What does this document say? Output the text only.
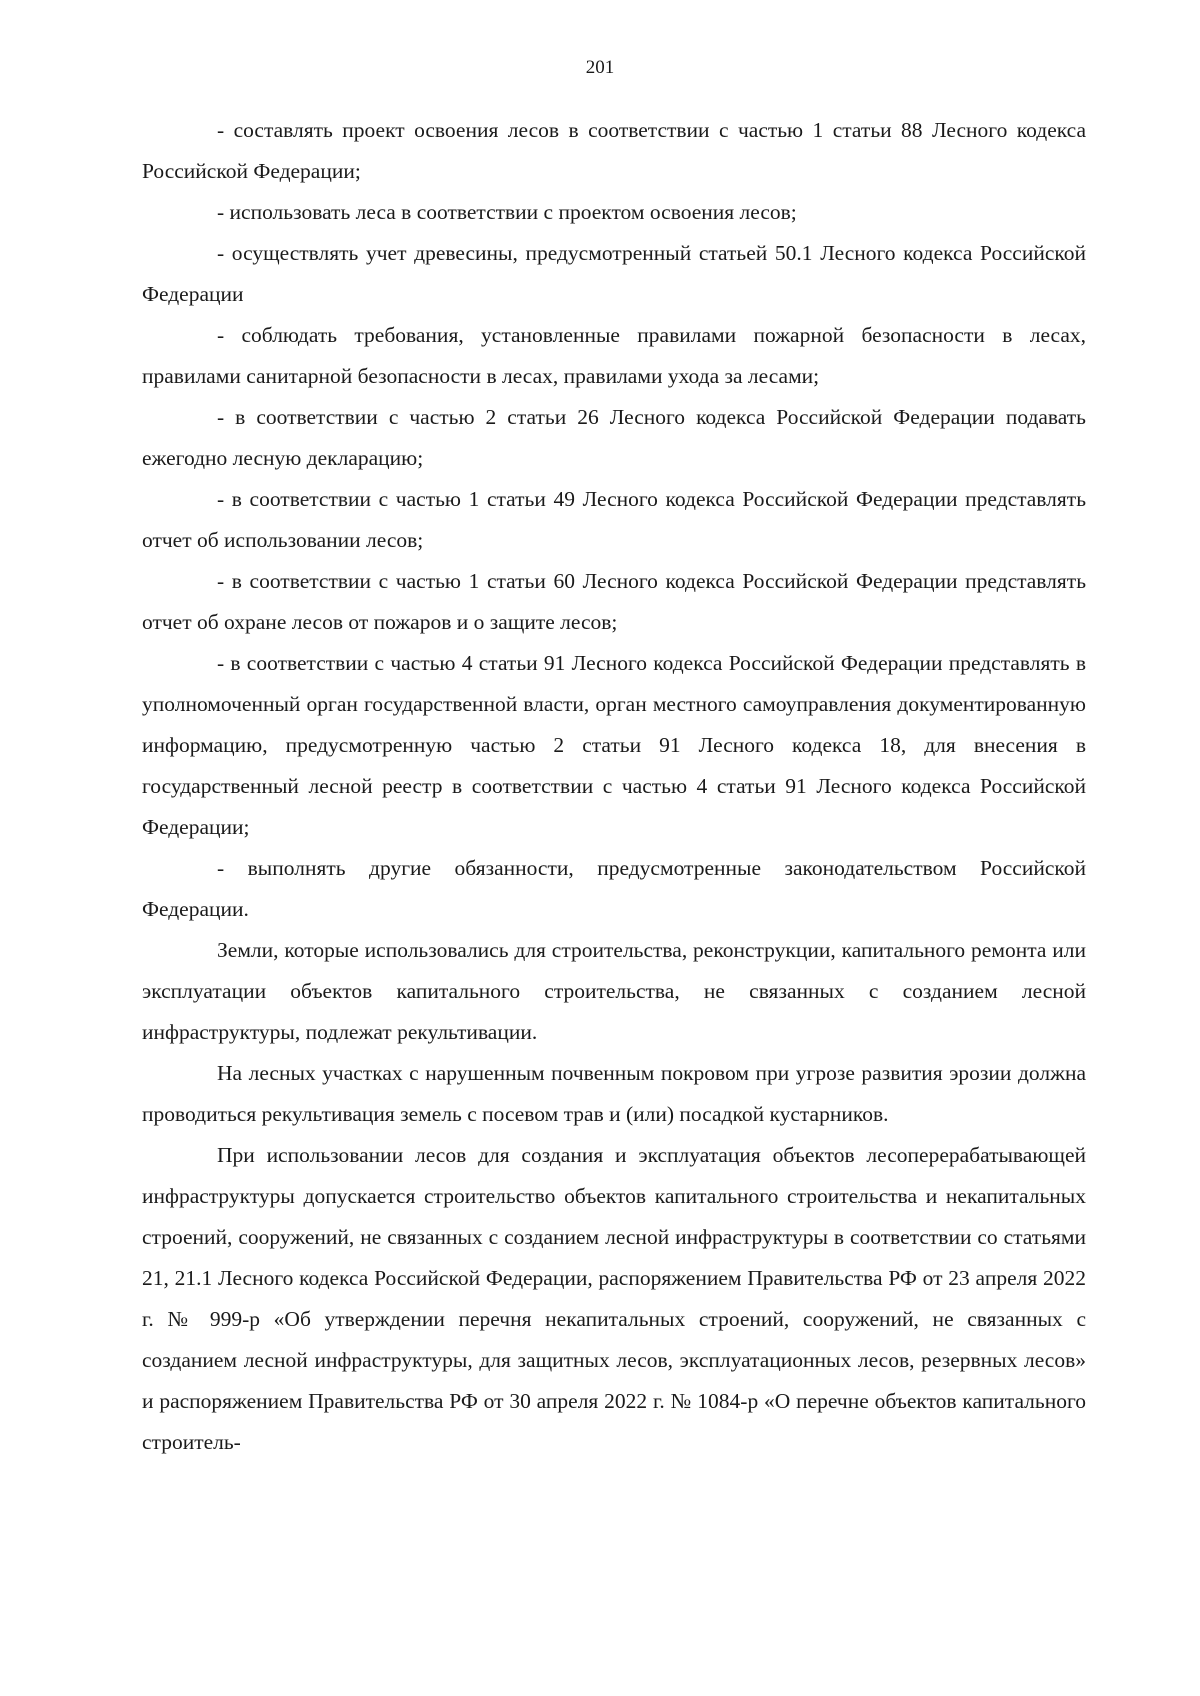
201

- составлять проект освоения лесов в соответствии с частью 1 статьи 88 Лесного кодекса Российской Федерации;

- использовать леса в соответствии с проектом освоения лесов;

- осуществлять учет древесины, предусмотренный статьей 50.1 Лесного кодекса Российской Федерации

- соблюдать требования, установленные правилами пожарной безопасности в лесах, правилами санитарной безопасности в лесах, правилами ухода за лесами;

- в соответствии с частью 2 статьи 26 Лесного кодекса Российской Федерации подавать ежегодно лесную декларацию;

- в соответствии с частью 1 статьи 49 Лесного кодекса Российской Федерации представлять отчет об использовании лесов;

- в соответствии с частью 1 статьи 60 Лесного кодекса Российской Федерации представлять отчет об охране лесов от пожаров и о защите лесов;

- в соответствии с частью 4 статьи 91 Лесного кодекса Российской Федерации представлять в уполномоченный орган государственной власти, орган местного самоуправления документированную информацию, предусмотренную частью 2 статьи 91 Лесного кодекса 18, для внесения в государственный лесной реестр в соответствии с частью 4 статьи 91 Лесного кодекса Российской Федерации;

- выполнять другие обязанности, предусмотренные законодательством Российской Федерации.

Земли, которые использовались для строительства, реконструкции, капитального ремонта или эксплуатации объектов капитального строительства, не связанных с созданием лесной инфраструктуры, подлежат рекультивации.

На лесных участках с нарушенным почвенным покровом при угрозе развития эрозии должна проводиться рекультивация земель с посевом трав и (или) посадкой кустарников.

При использовании лесов для создания и эксплуатация объектов лесоперерабатывающей инфраструктуры допускается строительство объектов капитального строительства и некапитальных строений, сооружений, не связанных с созданием лесной инфраструктуры в соответствии со статьями 21, 21.1 Лесного кодекса Российской Федерации, распоряжением Правительства РФ от 23 апреля 2022 г. № 999-р «Об утверждении перечня некапитальных строений, сооружений, не связанных с созданием лесной инфраструктуры, для защитных лесов, эксплуатационных лесов, резервных лесов» и распоряжением Правительства РФ от 30 апреля 2022 г. № 1084-р «О перечне объектов капитального строитель-
